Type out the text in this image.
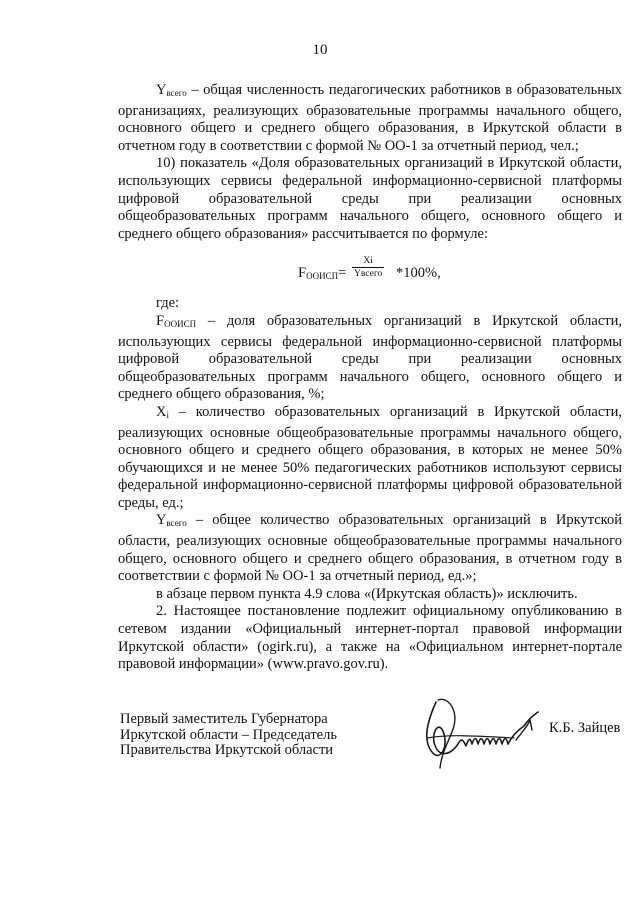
10

$Y_{всего}$ – общая численность педагогических работников в образовательных организациях, реализующих образовательные программы начального общего, основного общего и среднего общего образования, в Иркутской области в отчетном году в соответствии с формой № ОО-1 за отчетный период, чел.;

10) показатель «Доля образовательных организаций в Иркутской области, использующих сервисы федеральной информационно-сервисной платформы цифровой образовательной среды при реализации основных общеобразовательных программ начального общего, основного общего и среднего общего образования» рассчитывается по формуле:

$F_{ООИСП}=$
Xi
Yвсего *100%,

где:

$F_{ООИСП}$ – доля образовательных организаций в Иркутской области, использующих сервисы федеральной информационно-сервисной платформы цифровой образовательной среды при реализации основных общеобразовательных программ начального общего, основного общего и среднего общего образования, %;

$X_i$ – количество образовательных организаций в Иркутской области, реализующих основные общеобразовательные программы начального общего, основного общего и среднего общего образования, в которых не менее 50% обучающихся и не менее 50% педагогических работников используют сервисы федеральной информационно-сервисной платформы цифровой образовательной среды, ед.;

$Y_{всего}$ – общее количество образовательных организаций в Иркутской области, реализующих основные общеобразовательные программы начального общего, основного общего и среднего общего образования, в отчетном году в соответствии с формой № ОО-1 за отчетный период, ед.»;

в абзаце первом пункта 4.9 слова «(Иркутская область)» исключить.

2. Настоящее постановление подлежит официальному опубликованию в сетевом издании «Официальный интернет-портал правовой информации Иркутской области» (ogirk.ru), а также на «Официальном интернет-портале правовой информации» (www.pravo.gov.ru).

Первый заместитель Губернатора
Иркутской области – Председатель
Правительства Иркутской области
К.Б. Зайцев
